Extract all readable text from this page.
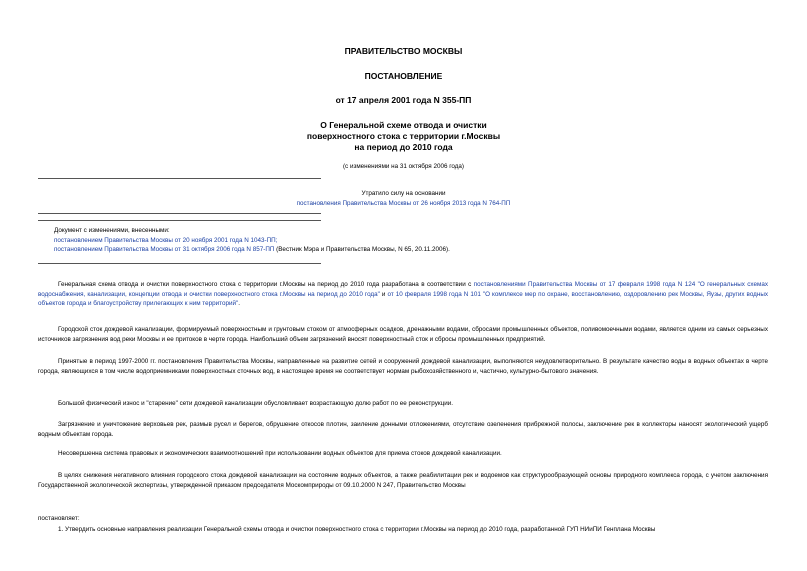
ПРАВИТЕЛЬСТВО МОСКВЫ
ПОСТАНОВЛЕНИЕ
от 17 апреля 2001 года N 355-ПП
О Генеральной схеме отвода и очистки
поверхностного стока с территории г.Москвы
на период до 2010 года
(с изменениями на 31 октября 2006 года)
Утратило силу на основании
постановления Правительства Москвы от 26 ноября 2013 года N 764-ПП
Документ с изменениями, внесенными:
постановлением Правительства Москвы от 20 ноября 2001 года N 1043-ПП;
постановлением Правительства Москвы от 31 октября 2006 года N 857-ПП (Вестник Мэра и Правительства Москвы, N 65, 20.11.2006).
Генеральная схема отвода и очистки поверхностного стока с территории г.Москвы на период до 2010 года разработана в соответствии с постановлениями Правительства Москвы от 17 февраля 1998 года N 124 "О генеральных схемах водоснабжения, канализации, концепции отвода и очистки поверхностного стока г.Москвы на период до 2010 года" и от 10 февраля 1998 года N 101 "О комплексе мер по охране, восстановлению, оздоровлению рек Москвы, Яузы, других водных объектов города и благоустройству прилегающих к ним территорий".
Городской сток дождевой канализации, формируемый поверхностным и грунтовым стоком от атмосферных осадков, дренажными водами, сбросами промышленных объектов, поливомоечными водами, является одним из самых серьезных источников загрязнения вод реки Москвы и ее притоков в черте города. Наибольший объем загрязнений вносят поверхностный сток и сбросы промышленных предприятий.
Принятые в период 1997-2000 гг. постановления Правительства Москвы, направленные на развитие сетей и сооружений дождевой канализации, выполняются неудовлетворительно. В результате качество воды в водных объектах в черте города, являющихся в том числе водоприемниками поверхностных сточных вод, в настоящее время не соответствует нормам рыбохозяйственного и, частично, культурно-бытового значения.
Большой физический износ и "старение" сети дождевой канализации обусловливает возрастающую долю работ по ее реконструкции.
Загрязнение и уничтожение верховьев рек, размыв русел и берегов, обрушение откосов плотин, заиление донными отложениями, отсутствие озеленения прибрежной полосы, заключение рек в коллекторы наносят экологический ущерб водным объектам города.
Несовершенна система правовых и экономических взаимоотношений при использовании водных объектов для приема стоков дождевой канализации.
В целях снижения негативного влияния городского стока дождевой канализации на состояние водных объектов, а также реабилитации рек и водоемов как структурообразующей основы природного комплекса города, с учетом заключения Государственной экологической экспертизы, утвержденной приказом председателя Москомприроды от 09.10.2000 N 247, Правительство Москвы
постановляет:
1. Утвердить основные направления реализации Генеральной схемы отвода и очистки поверхностного стока с территории г.Москвы на период до 2010 года, разработанной ГУП НИиПИ Генплана Москвы
